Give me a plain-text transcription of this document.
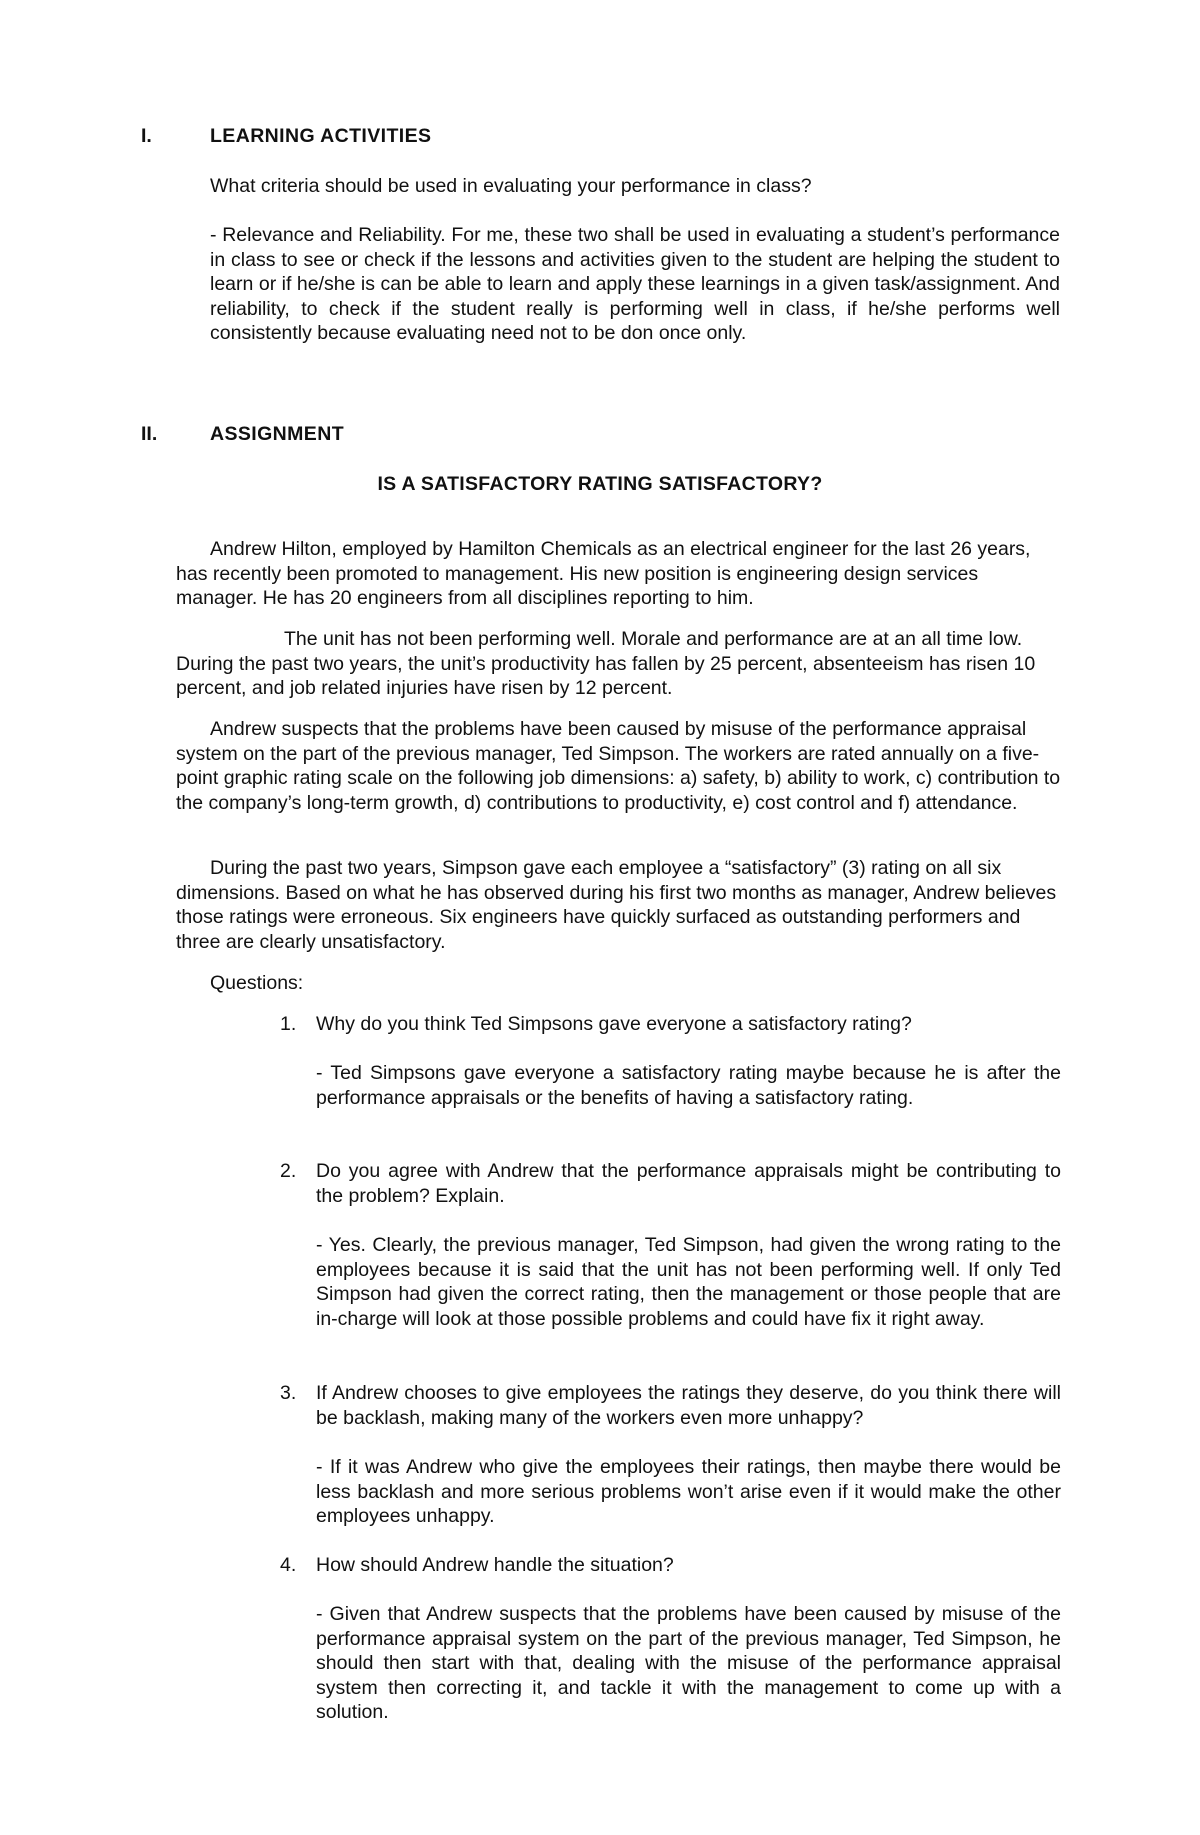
I.	LEARNING ACTIVITIES

What criteria should be used in evaluating your performance in class?

- Relevance and Reliability. For me, these two shall be used in evaluating a student’s performance in class to see or check if the lessons and activities given to the student are helping the student to learn or if he/she is can be able to learn and apply these learnings in a given task/assignment. And reliability, to check if the student really is performing well in class, if he/she performs well consistently because evaluating need not to be don once only.

II.	ASSIGNMENT
IS A SATISFACTORY RATING SATISFACTORY?

Andrew Hilton, employed by Hamilton Chemicals as an electrical engineer for the last 26 years, has recently been promoted to management. His new position is engineering design services manager. He has 20 engineers from all disciplines reporting to him.

The unit has not been performing well. Morale and performance are at an all time low. During the past two years, the unit’s productivity has fallen by 25 percent, absenteeism has risen 10 percent, and job related injuries have risen by 12 percent.

Andrew suspects that the problems have been caused by misuse of the performance appraisal system on the part of the previous manager, Ted Simpson. The workers are rated annually on a five-point graphic rating scale on the following job dimensions: a) safety, b) ability to work, c) contribution to the company’s long-term growth, d) contributions to productivity, e) cost control and f) attendance.

During the past two years, Simpson gave each employee a “satisfactory” (3) rating on all six dimensions. Based on what he has observed during his first two months as manager, Andrew believes those ratings were erroneous. Six engineers have quickly surfaced as outstanding performers and three are clearly unsatisfactory.

Questions:
1. Why do you think Ted Simpsons gave everyone a satisfactory rating?

- Ted Simpsons gave everyone a satisfactory rating maybe because he is after the performance appraisals or the benefits of having a satisfactory rating.

2. Do you agree with Andrew that the performance appraisals might be contributing to the problem? Explain.

- Yes. Clearly, the previous manager, Ted Simpson, had given the wrong rating to the employees because it is said that the unit has not been performing well. If only Ted Simpson had given the correct rating, then the management or those people that are in-charge will look at those possible problems and could have fix it right away.

3. If Andrew chooses to give employees the ratings they deserve, do you think there will be backlash, making many of the workers even more unhappy?

- If it was Andrew who give the employees their ratings, then maybe there would be less backlash and more serious problems won’t arise even if it would make the other employees unhappy.

4. How should Andrew handle the situation?

- Given that Andrew suspects that the problems have been caused by misuse of the performance appraisal system on the part of the previous manager, Ted Simpson, he should then start with that, dealing with the misuse of the performance appraisal system then correcting it, and tackle it with the management to come up with a solution.
